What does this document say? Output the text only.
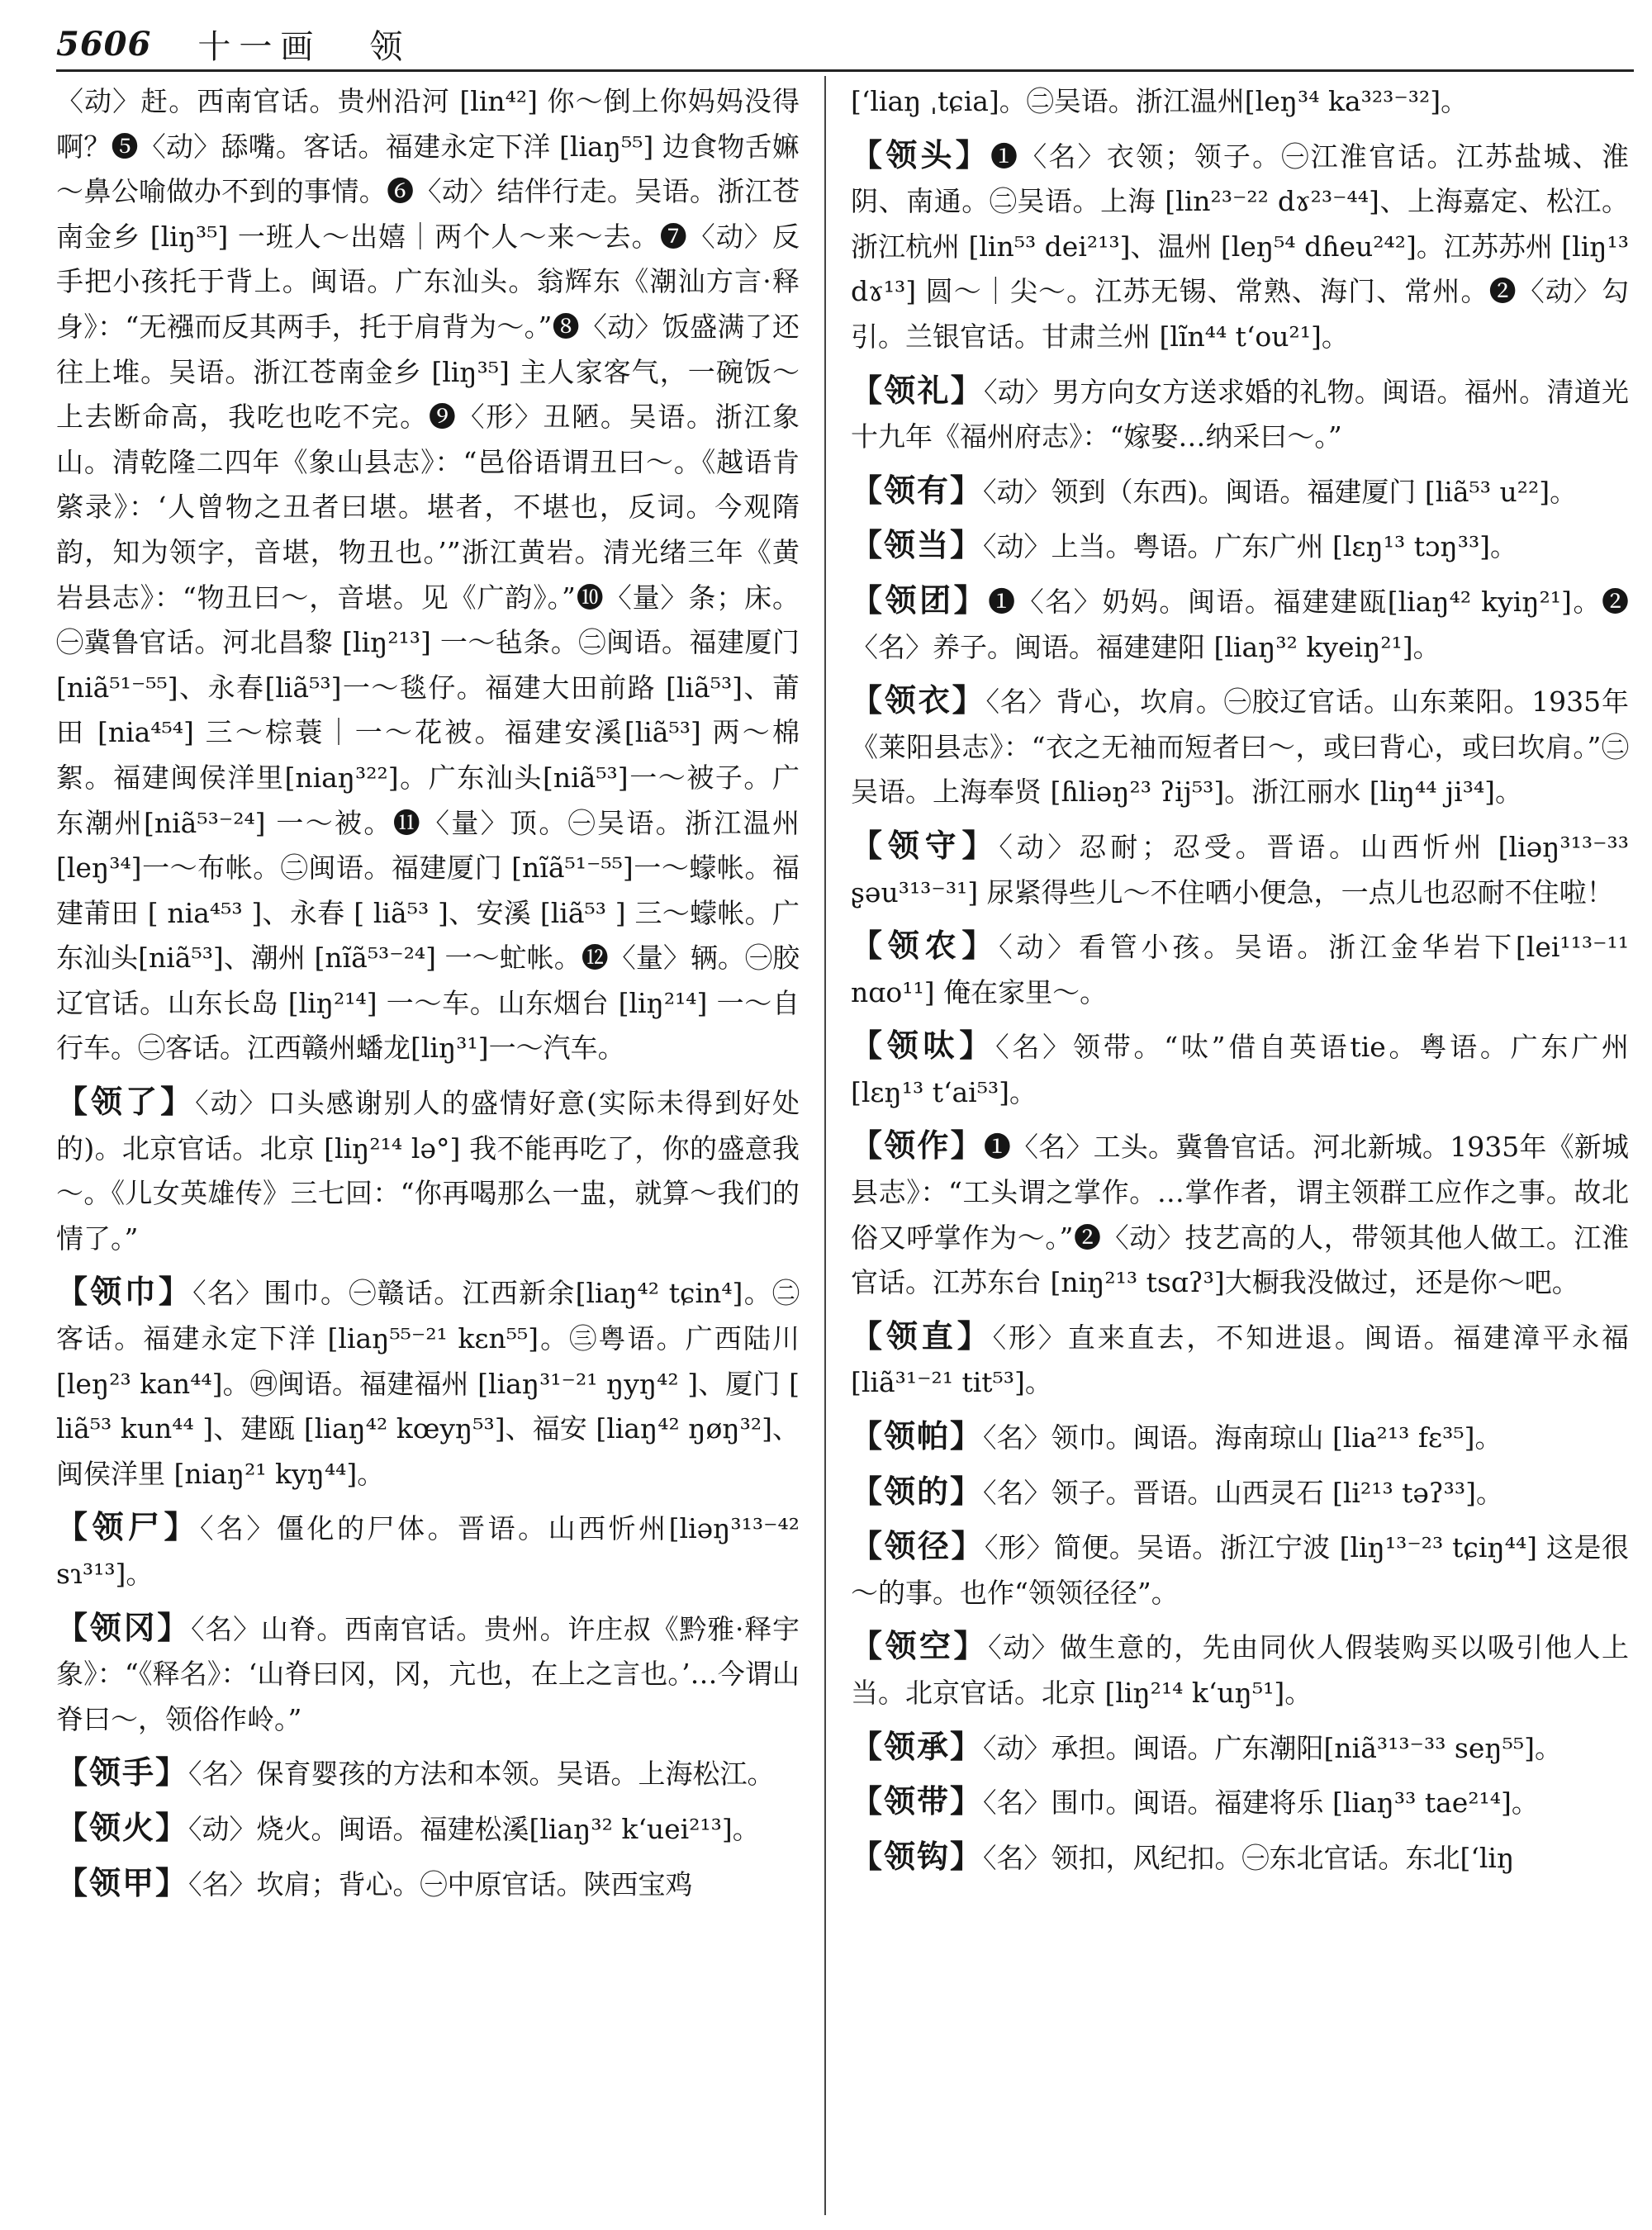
5606 十一画 领

〈动〉赶。西南官话。贵州沿河 [lin⁴²] 你～倒上你妈妈没得啊？❺〈动〉舔嘴。客话。福建永定下洋 [liaŋ⁵⁵] 边食物舌嫲～鼻公喻做办不到的事情。❻〈动〉结伴行走。吴语。浙江苍南金乡 [liŋ³⁵] 一班人～出嬉｜两个人～来～去。❼〈动〉反手把小孩托于背上。闽语。广东汕头。翁辉东《潮汕方言·释身》：“无襁而反其两手，托于肩背为～。”❽〈动〉饭盛满了还往上堆。吴语。浙江苍南金乡 [liŋ³⁵] 主人家客气，一碗饭～上去断命高，我吃也吃不完。❾〈形〉丑陋。吴语。浙江象山。清乾隆二四年《象山县志》：“邑俗语谓丑曰～。《越语肯綮录》：‘人曾物之丑者曰堪。堪者，不堪也，反词。今观隋韵，知为领字，音堪，物丑也。’”浙江黄岩。清光绪三年《黄岩县志》：“物丑曰～，音堪。见《广韵》。”❿〈量〉条；床。㊀冀鲁官话。河北昌黎 [liŋ²¹³] 一～毡条。㊁闽语。福建厦门 [niã⁵¹⁻⁵⁵]、永春[liã⁵³]一～毯仔。福建大田前路 [liã⁵³]、莆田 [nia⁴⁵⁴] 三～棕蓑｜一～花被。福建安溪[liã⁵³] 两～棉絮。福建闽侯洋里[niaŋ³²²]。广东汕头[niã⁵³]一～被子。广东潮州[niã⁵³⁻²⁴] 一～被。⓫〈量〉顶。㊀吴语。浙江温州[leŋ³⁴]一～布帐。㊁闽语。福建厦门 [nĩã⁵¹⁻⁵⁵]一～蠓帐。福建莆田 [ nia⁴⁵³ ]、永春 [ liã⁵³ ]、安溪 [liã⁵³ ] 三～蠓帐。广东汕头[niã⁵³]、潮州 [nĩã⁵³⁻²⁴] 一～虻帐。⓬〈量〉辆。㊀胶辽官话。山东长岛 [liŋ²¹⁴] 一～车。山东烟台 [liŋ²¹⁴] 一～自行车。㊁客话。江西赣州蟠龙[liŋ³¹]一～汽车。

【领了】〈动〉口头感谢别人的盛情好意(实际未得到好处的)。北京官话。北京 [liŋ²¹⁴ lə°] 我不能再吃了，你的盛意我～。《儿女英雄传》三七回：“你再喝那么一盅，就算～我们的情了。”

【领巾】〈名〉围巾。㊀赣话。江西新余[liaŋ⁴² tɕin⁴]。㊁客话。福建永定下洋 [liaŋ⁵⁵⁻²¹ kɛn⁵⁵]。㊂粤语。广西陆川[leŋ²³ kan⁴⁴]。㊃闽语。福建福州 [liaŋ³¹⁻²¹ ŋyŋ⁴² ]、厦门 [ liã⁵³ kun⁴⁴ ]、建瓯 [liaŋ⁴² kœyŋ⁵³]、福安 [liaŋ⁴² ŋøŋ³²]、闽侯洋里 [niaŋ²¹ kyŋ⁴⁴]。

【领尸】〈名〉僵化的尸体。晋语。山西忻州[liəŋ³¹³⁻⁴² sɿ³¹³]。

【领冈】〈名〉山脊。西南官话。贵州。许庄叔《黔雅·释宇象》：“《释名》：‘山脊曰冈，冈，亢也，在上之言也。’…今谓山脊曰～，领俗作岭。”

【领手】〈名〉保育婴孩的方法和本领。吴语。上海松江。

【领火】〈动〉烧火。闽语。福建松溪[liaŋ³² k‘uei²¹³]。

【领甲】〈名〉坎肩；背心。㊀中原官话。陕西宝鸡

[ʻliaŋ ˌtɕia]。㊁吴语。浙江温州[leŋ³⁴ ka³²³⁻³²]。

【领头】❶〈名〉衣领；领子。㊀江淮官话。江苏盐城、淮阴、南通。㊁吴语。上海 [lin²³⁻²² dɤ²³⁻⁴⁴]、上海嘉定、松江。浙江杭州 [lin⁵³ dei²¹³]、温州 [leŋ⁵⁴ dɦeu²⁴²]。江苏苏州 [liŋ¹³ dɤ¹³] 圆～｜尖～。江苏无锡、常熟、海门、常州。❷〈动〉勾引。兰银官话。甘肃兰州 [lĩn⁴⁴ t‘ou²¹]。

【领礼】〈动〉男方向女方送求婚的礼物。闽语。福州。清道光十九年《福州府志》：“嫁娶…纳采曰～。”

【领有】〈动〉领到（东西)。闽语。福建厦门 [liã⁵³ u²²]。

【领当】〈动〉上当。粤语。广东广州 [lɛŋ¹³ tɔŋ³³]。

【领团】❶〈名〉奶妈。闽语。福建建瓯[liaŋ⁴² kyiŋ²¹]。❷〈名〉养子。闽语。福建建阳 [liaŋ³² kyeiŋ²¹]。

【领衣】〈名〉背心，坎肩。㊀胶辽官话。山东莱阳。1935年《莱阳县志》：“衣之无袖而短者曰～，或曰背心，或曰坎肩。”㊁吴语。上海奉贤 [ɦliəŋ²³ ʔij⁵³]。浙江丽水 [liŋ⁴⁴ ji³⁴]。

【领守】〈动〉忍耐；忍受。晋语。山西忻州 [liəŋ³¹³⁻³³ ʂəu³¹³⁻³¹] 尿紧得些儿～不住哂小便急，一点儿也忍耐不住啦！

【领农】〈动〉看管小孩。吴语。浙江金华岩下[lei¹¹³⁻¹¹ nɑo¹¹] 俺在家里～。

【领呔】〈名〉领带。“呔”借自英语tie。粤语。广东广州 [lɛŋ¹³ t‘ai⁵³]。

【领作】❶〈名〉工头。冀鲁官话。河北新城。1935年《新城县志》：“工头谓之掌作。…掌作者，谓主领群工应作之事。故北俗又呼掌作为～。”❷〈动〉技艺高的人，带领其他人做工。江淮官话。江苏东台 [niŋ²¹³ tsɑʔ³]大橱我没做过，还是你～吧。

【领直】〈形〉直来直去，不知进退。闽语。福建漳平永福 [liã³¹⁻²¹ tit⁵³]。

【领帕】〈名〉领巾。闽语。海南琼山 [lia²¹³ fɛ³⁵]。

【领的】〈名〉领子。晋语。山西灵石 [li²¹³ təʔ³³]。

【领径】〈形〉简便。吴语。浙江宁波 [liŋ¹³⁻²³ tɕiŋ⁴⁴] 这是很～的事。也作“领领径径”。

【领空】〈动〉做生意的，先由同伙人假装购买以吸引他人上当。北京官话。北京 [liŋ²¹⁴ k‘uŋ⁵¹]。

【领承】〈动〉承担。闽语。广东潮阳[niã³¹³⁻³³ seŋ⁵⁵]。

【领带】〈名〉围巾。闽语。福建将乐 [liaŋ³³ tae²¹⁴]。

【领钩】〈名〉领扣，风纪扣。㊀东北官话。东北[ʻliŋ
